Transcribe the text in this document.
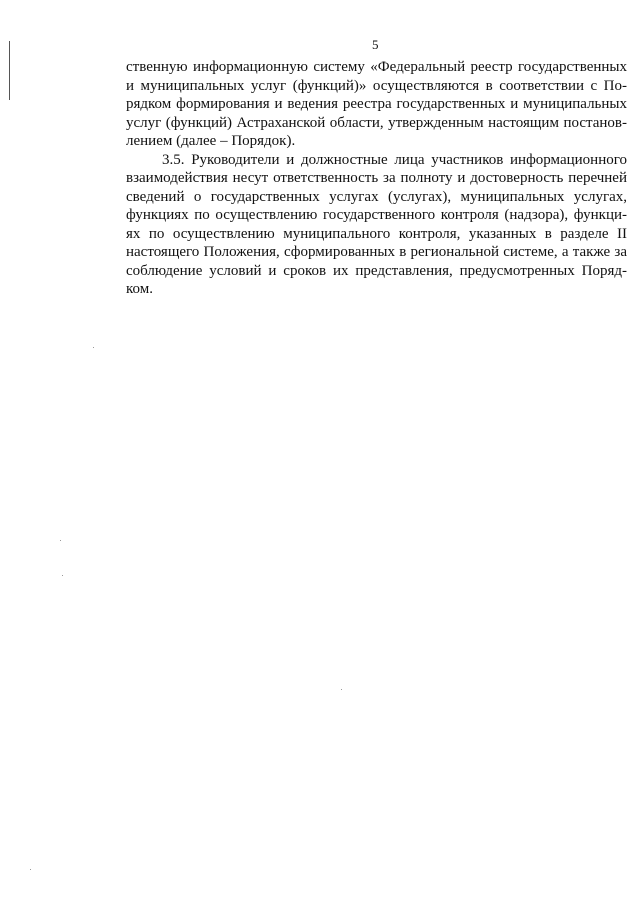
5
ственную информационную систему «Федеральный реестр государственных
и муниципальных услуг (функций)» осуществляются в соответствии с По-
рядком формирования и ведения реестра государственных и муниципальных
услуг (функций) Астраханской области, утвержденным настоящим постанов-
лением (далее – Порядок).
3.5. Руководители и должностные лица участников информационного
взаимодействия несут ответственность за полноту и достоверность перечней
сведений о государственных услугах (услугах), муниципальных услугах,
функциях по осуществлению государственного контроля (надзора), функци-
ях по осуществлению муниципального контроля, указанных в разделе II
настоящего Положения, сформированных в региональной системе, а также за
соблюдение условий и сроков их представления, предусмотренных Поряд-
ком.
